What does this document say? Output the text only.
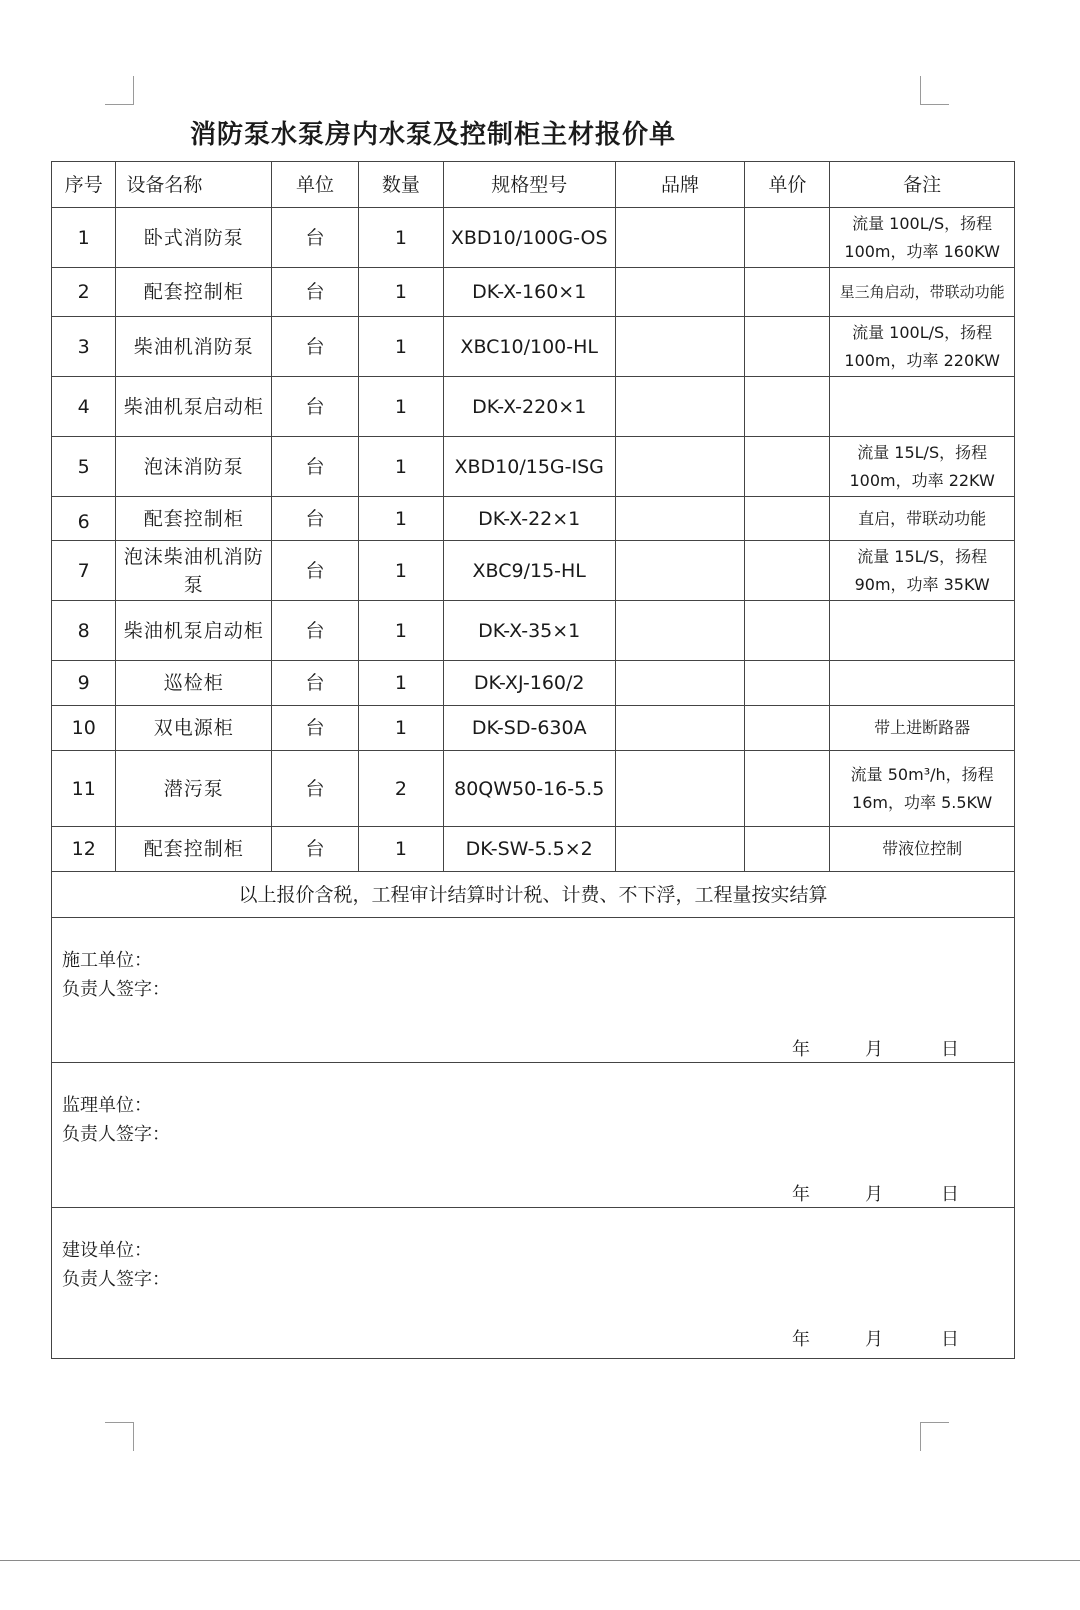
消防泵水泵房内水泵及控制柜主材报价单
序号	设备名称	单位	数量	规格型号	品牌	单价	备注
1	卧式消防泵	台	1	XBD10/100G-OS			流量 100L/S，扬程 100m，功率 160KW
2	配套控制柜	台	1	DK-X-160×1			星三角启动，带联动功能
3	柴油机消防泵	台	1	XBC10/100-HL			流量 100L/S，扬程 100m，功率 220KW
4	柴油机泵启动柜	台	1	DK-X-220×1			
5	泡沫消防泵	台	1	XBD10/15G-ISG			流量 15L/S，扬程 100m，功率 22KW
6	配套控制柜	台	1	DK-X-22×1			直启，带联动功能
7	泡沫柴油机消防泵	台	1	XBC9/15-HL			流量 15L/S，扬程 90m，功率 35KW
8	柴油机泵启动柜	台	1	DK-X-35×1			
9	巡检柜	台	1	DK-XJ-160/2			
10	双电源柜	台	1	DK-SD-630A			带上进断路器
11	潜污泵	台	2	80QW50-16-5.5			流量 50m³/h，扬程 16m，功率 5.5KW
12	配套控制柜	台	1	DK-SW-5.5×2			带液位控制
以上报价含税，工程审计结算时计税、计费、不下浮，工程量按实结算							

施工单位：
负责人签字：
年 月 日							

监理单位：
负责人签字：
年 月 日							

建设单位：
负责人签字：
年 月 日							
